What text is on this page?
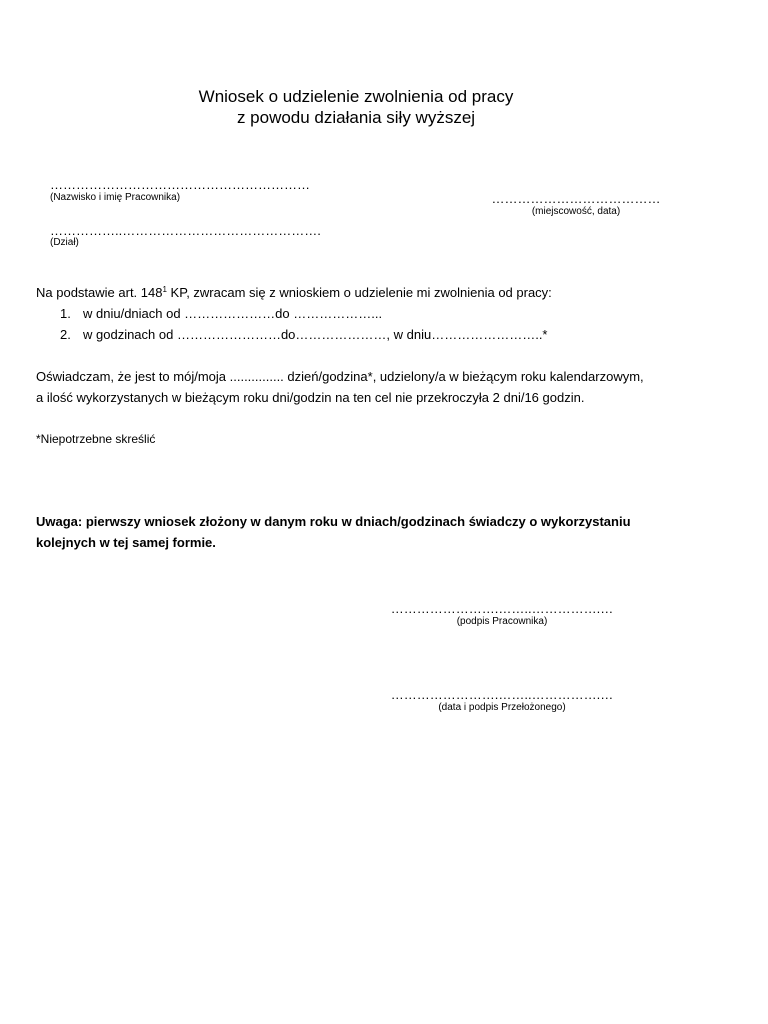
Wniosek o udzielenie zwolnienia od pracy
z powodu działania siły wyższej
……………………………………………………
(Nazwisko i imię Pracownika)	…………………………………
(miejscowość, data)
……………..……………………………………….
(Dział)
Na podstawie art. $148^1$ KP, zwracam się z wnioskiem o udzielenie mi zwolnienia od pracy:
1. w dniu/dniach od …………………do ………………...
2. w godzinach od ……………………do…………………, w dniu……………………..*
Oświadczam, że jest to mój/moja ............... dzień/godzina*, udzielony/a w bieżącym roku kalendarzowym,
a ilość wykorzystanych w bieżącym roku dni/godzin na ten cel nie przekroczyła 2 dni/16 godzin.
*Niepotrzebne skreślić
Uwaga: pierwszy wniosek złożony w danym roku w dniach/godzinach świadczy o wykorzystaniu
kolejnych w tej samej formie.
…………………….……..…………….…
(podpis Pracownika)
…………………….……..…………….…
(data i podpis Przełożonego)
